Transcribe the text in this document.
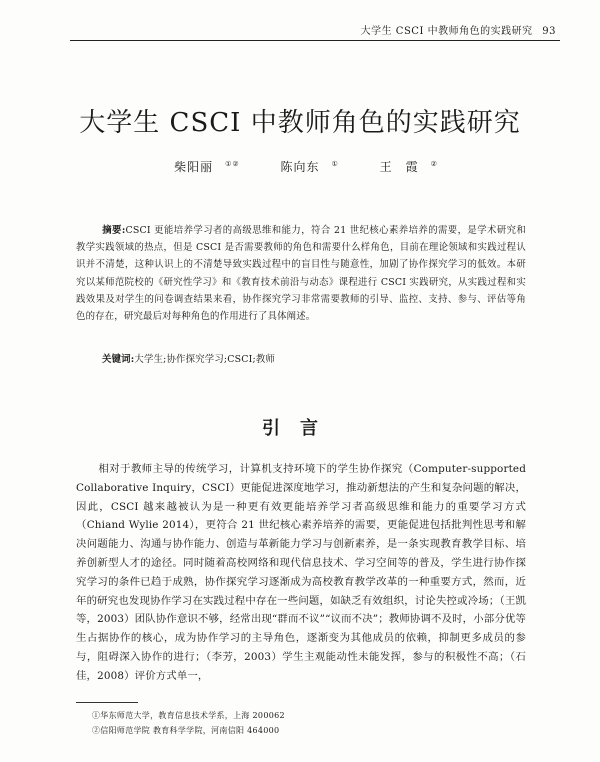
大学生 CSCI 中教师角色的实践研究 93
大学生 CSCI 中教师角色的实践研究
柴阳丽 ①②	陈向东 ①	王　霞 ②
摘要:CSCI 更能培养学习者的高级思维和能力，符合 21 世纪核心素养培养的需要，是学术研究和教学实践领域的热点，但是 CSCI 是否需要教师的角色和需要什么样角色，目前在理论领域和实践过程认识并不清楚，这种认识上的不清楚导致实践过程中的盲目性与随意性，加剧了协作探究学习的低效。本研究以某师范院校的《研究性学习》和《教育技术前沿与动态》课程进行 CSCI 实践研究，从实践过程和实践效果及对学生的问卷调查结果来看，协作探究学习非常需要教师的引导、监控、支持、参与、评估等角色的存在，研究最后对每种角色的作用进行了具体阐述。
关键词:大学生;协作探究学习;CSCI;教师
引言

相对于教师主导的传统学习，计算机支持环境下的学生协作探究（Computer-supported Collaborative Inquiry，CSCI）更能促进深度地学习，推动新想法的产生和复杂问题的解决，因此，CSCI 越来越被认为是一种更有效更能培养学习者高级思维和能力的重要学习方式（Chiand Wylie 2014），更符合 21 世纪核心素养培养的需要，更能促进包括批判性思考和解决问题能力、沟通与协作能力、创造与革新能力学习与创新素养，是一条实现教育教学目标、培养创新型人才的途径。同时随着高校网络和现代信息技术、学习空间等的普及，学生进行协作探究学习的条件已趋于成熟，协作探究学习逐渐成为高校教育教学改革的一种重要方式，然而，近年的研究也发现协作学习在实践过程中存在一些问题，如缺乏有效组织，讨论失控或冷场；（王凯等，2003）团队协作意识不够，经常出现“群而不议”“议而不决”；教师协调不及时，小部分优等生占据协作的核心，成为协作学习的主导角色，逐渐变为其他成员的依赖，抑制更多成员的参与，阻碍深入协作的进行；（李芳，2003）学生主观能动性未能发挥，参与的积极性不高；（石佳，2008）评价方式单一，

①华东师范大学，教育信息技术学系，上海 200062
②信阳师范学院 教育科学学院，河南信阳 464000
